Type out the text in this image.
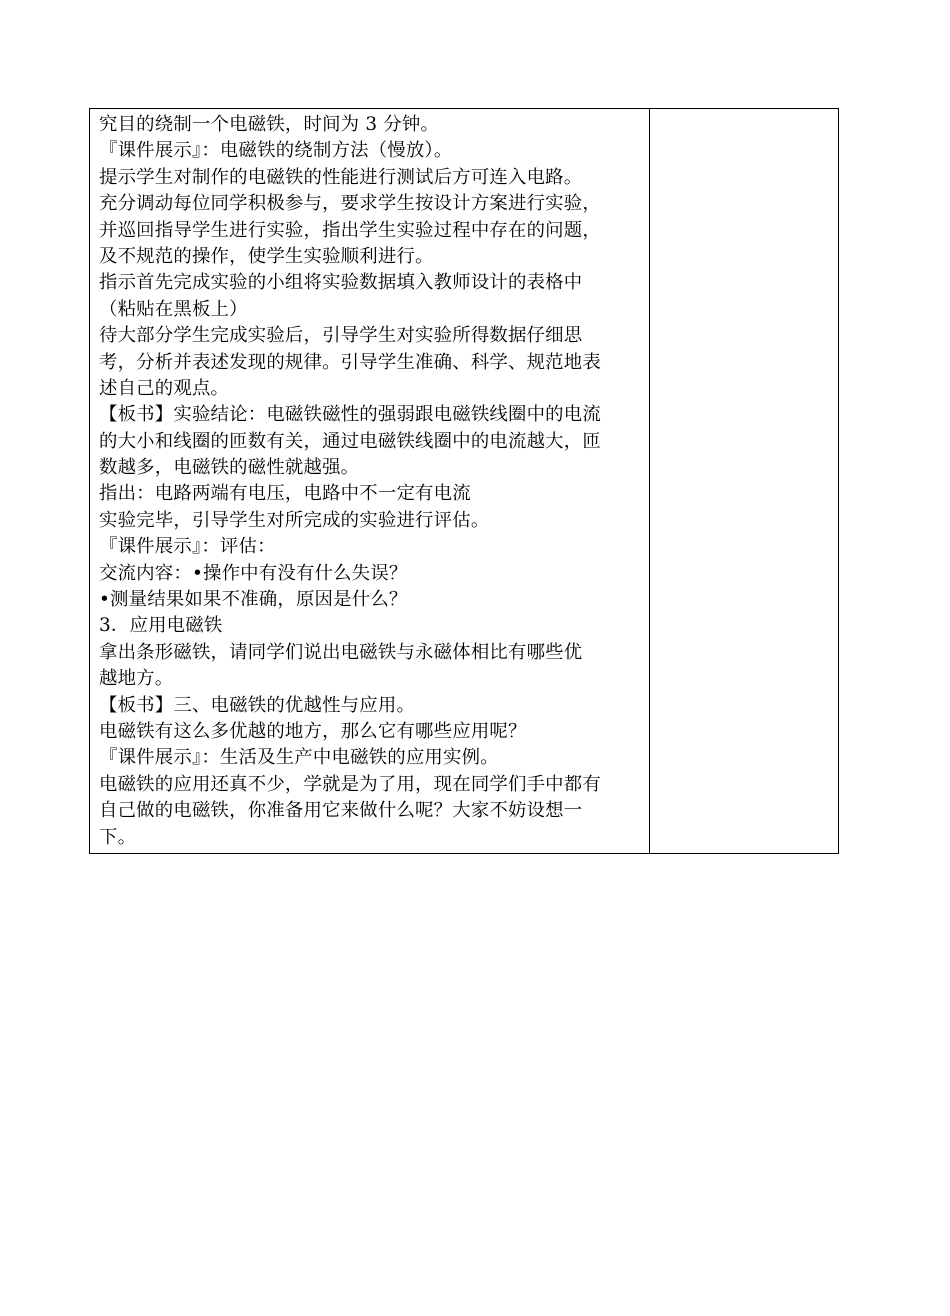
究目的绕制一个电磁铁，时间为 3 分钟。
『课件展示』：电磁铁的绕制方法（慢放）。
提示学生对制作的电磁铁的性能进行测试后方可连入电路。
充分调动每位同学积极参与，要求学生按设计方案进行实验，
并巡回指导学生进行实验，指出学生实验过程中存在的问题，
及不规范的操作，使学生实验顺利进行。
指示首先完成实验的小组将实验数据填入教师设计的表格中
（粘贴在黑板上）
待大部分学生完成实验后，引导学生对实验所得数据仔细思
考，分析并表述发现的规律。引导学生准确、科学、规范地表
述自己的观点。
【板书】实验结论：电磁铁磁性的强弱跟电磁铁线圈中的电流
的大小和线圈的匝数有关，通过电磁铁线圈中的电流越大，匝
数越多，电磁铁的磁性就越强。
指出：电路两端有电压，电路中不一定有电流
实验完毕，引导学生对所完成的实验进行评估。
『课件展示』：评估：
交流内容：•操作中有没有什么失误？
•测量结果如果不准确，原因是什么？
3．应用电磁铁
拿出条形磁铁，请同学们说出电磁铁与永磁体相比有哪些优
越地方。
【板书】三、电磁铁的优越性与应用。
电磁铁有这么多优越的地方，那么它有哪些应用呢？
『课件展示』：生活及生产中电磁铁的应用实例。
电磁铁的应用还真不少，学就是为了用，现在同学们手中都有
自己做的电磁铁，你准备用它来做什么呢？大家不妨设想一
下。
